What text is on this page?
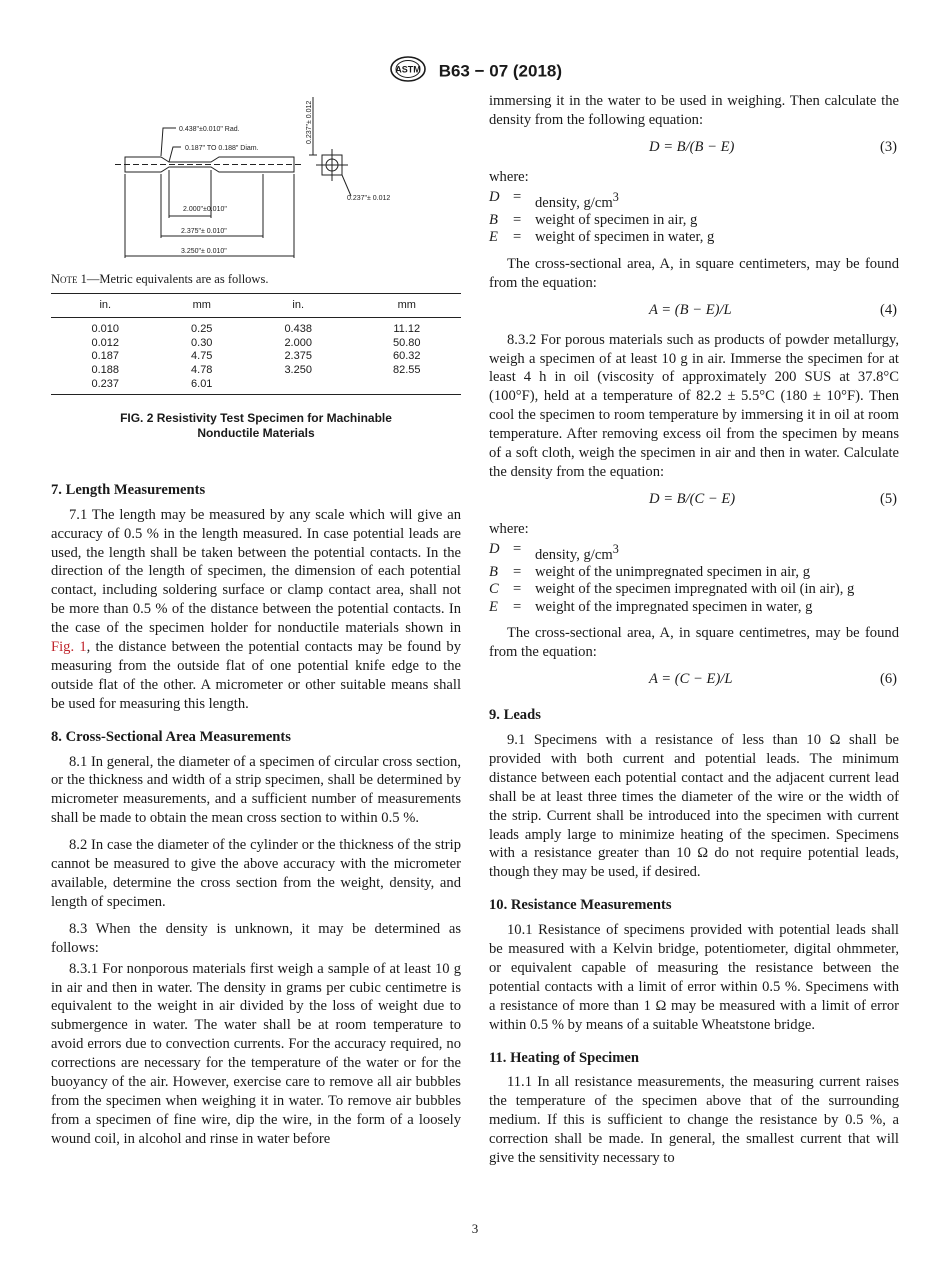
ASTM B63 − 07 (2018)
0.438"±0.010" Rad.
0.187" TO 0.188" Diam.
0.237"± 0.012
0.237"± 0.012
2.000"±0.010"
2.375"± 0.010"
3.250"± 0.010"

Note 1—Metric equivalents are as follows.

in.	mm	in.	mm
0.010	0.25	0.438	11.12
0.012	0.30	2.000	50.80
0.187	4.75	2.375	60.32
0.188	4.78	3.250	82.55
0.237	6.01		
FIG. 2 Resistivity Test Specimen for Machinable
Nonductile Materials
7. Length Measurements

7.1 The length may be measured by any scale which will give an accuracy of 0.5 % in the length measured. In case potential leads are used, the length shall be taken between the potential contacts. In the direction of the length of specimen, the dimension of each potential contact, including soldering surface or clamp contact area, shall not be more than 0.5 % of the distance between the potential contacts. In the case of the specimen holder for nonductile materials shown in Fig. 1, the distance between the potential contacts may be found by measuring from the outside flat of one potential knife edge to the outside flat of the other. A micrometer or other suitable means shall be used for measuring this length.

8. Cross-Sectional Area Measurements

8.1 In general, the diameter of a specimen of circular cross section, or the thickness and width of a strip specimen, shall be determined by micrometer measurements, and a sufficient number of measurements shall be made to obtain the mean cross section to within 0.5 %.

8.2 In case the diameter of the cylinder or the thickness of the strip cannot be measured to give the above accuracy with the micrometer available, determine the cross section from the weight, density, and length of specimen.

8.3 When the density is unknown, it may be determined as follows:

8.3.1 For nonporous materials first weigh a sample of at least 10 g in air and then in water. The density in grams per cubic centimetre is equivalent to the weight in air divided by the loss of weight due to submergence in water. The water shall be at room temperature to avoid errors due to convection currents. For the accuracy required, no corrections are necessary for the temperature of the water or for the buoyancy of the air. However, exercise care to remove all air bubbles from the specimen when weighing it in water. To remove air bubbles from a specimen of fine wire, dip the wire, in the form of a loosely wound coil, in alcohol and rinse in water before

immersing it in the water to be used in weighing. Then calculate the density from the following equation:

D = B/(B − E)	(3)

where:

D	=	density, $g/cm^3$
B	=	weight of specimen in air, g
E	=	weight of specimen in water, g

The cross-sectional area, A, in square centimeters, may be found from the equation:

A = (B − E)/L	(4)

8.3.2 For porous materials such as products of powder metallurgy, weigh a specimen of at least 10 g in air. Immerse the specimen for at least 4 h in oil (viscosity of approximately 200 SUS at 37.8°C (100°F), held at a temperature of 82.2 ± 5.5°C (180 ± 10°F). Then cool the specimen to room temperature by immersing it in oil at room temperature. After removing excess oil from the specimen by means of a soft cloth, weigh the specimen in air and then in water. Calculate the density from the equation:

D = B/(C − E)	(5)

where:

D	=	density, $g/cm^3$
B	=	weight of the unimpregnated specimen in air, g
C	=	weight of the specimen impregnated with oil (in air), g
E	=	weight of the impregnated specimen in water, g

The cross-sectional area, A, in square centimetres, may be found from the equation:

A = (C − E)/L	(6)
9. Leads

9.1 Specimens with a resistance of less than 10 Ω shall be provided with both current and potential leads. The minimum distance between each potential contact and the adjacent current lead shall be at least three times the diameter of the wire or the width of the strip. Current shall be introduced into the specimen with current leads amply large to minimize heating of the specimen. Specimens with a resistance greater than 10 Ω do not require potential leads, though they may be used, if desired.

10. Resistance Measurements

10.1 Resistance of specimens provided with potential leads shall be measured with a Kelvin bridge, potentiometer, digital ohmmeter, or equivalent capable of measuring the resistance between the potential contacts with a limit of error within 0.5 %. Specimens with a resistance of more than 1 Ω may be measured with a limit of error within 0.5 % by means of a suitable Wheatstone bridge.

11. Heating of Specimen

11.1 In all resistance measurements, the measuring current raises the temperature of the specimen above that of the surrounding medium. If this is sufficient to change the resistance by 0.5 %, a correction shall be made. In general, the smallest current that will give the sensitivity necessary to

3
